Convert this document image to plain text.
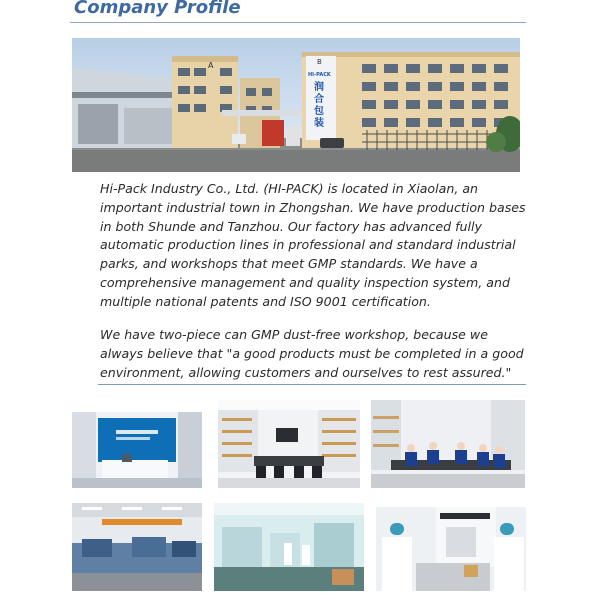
Company Profile
A	B
HI-PACK
润
合
包
装
Hi-Pack Industry Co., Ltd. (HI-PACK) is located in Xiaolan, an
important industrial town in Zhongshan. We have production bases
in both Shunde and Tanzhou. Our factory has advanced fully
automatic production lines in professional and standard industrial
parks, and workshops that meet GMP standards. We have a
comprehensive management and quality inspection system, and
multiple national patents and ISO 9001 certification.
We have two-piece can GMP dust-free workshop, because we
always believe that "a good products must be completed in a good
environment, allowing customers and ourselves to rest assured."
